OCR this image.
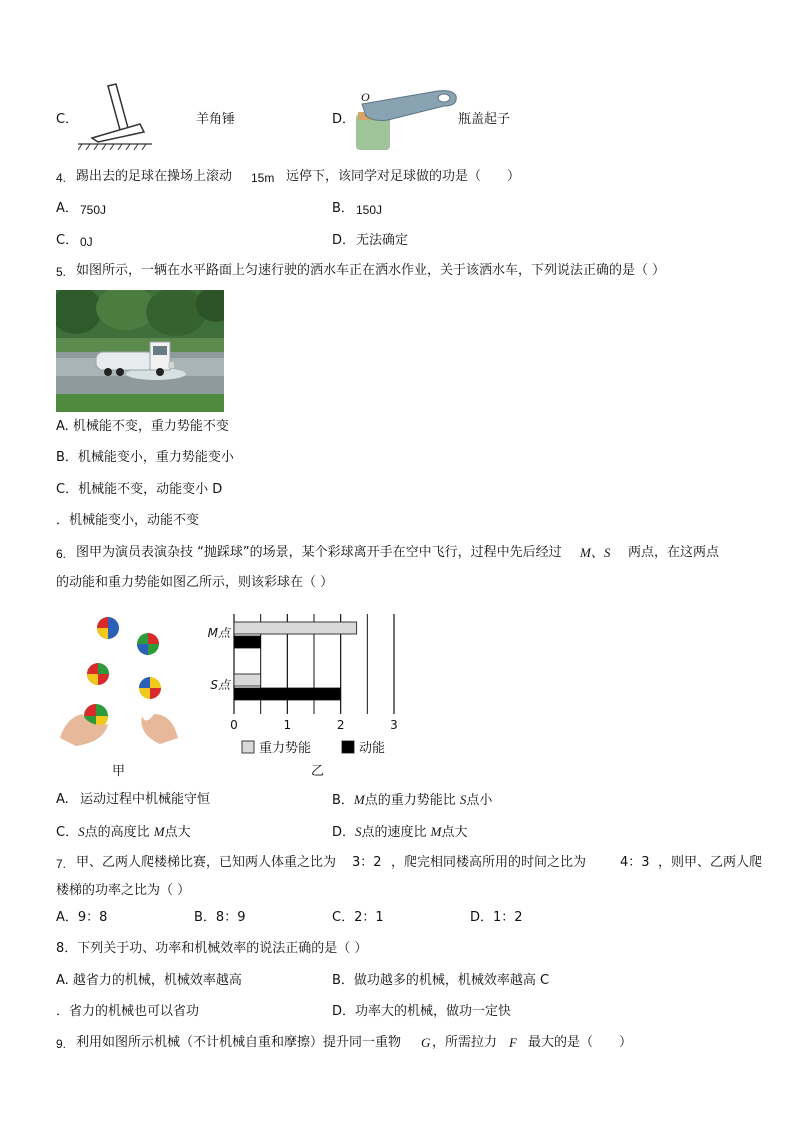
C．	羊角锤	D．
O
瓶盖起子
4. 踢出去的足球在操场上滚动 15m 远停下，该同学对足球做的功是（　　）
A． 750J	B． 150J
C． 0J	D． 无法确定
5. 如图所示，一辆在水平路面上匀速行驶的洒水车正在洒水作业，关于该洒水车，下列说法正确的是（ ）
A. 机械能不变，重力势能不变
B．机械能变小，重力势能变小
C．机械能不变，动能变小 D
．机械能变小，动能不变
6. 图甲为演员表演杂技 “抛踩球”的场景，某个彩球离开手在空中飞行，过程中先后经过 M、S 两点，在这两点
的动能和重力势能如图乙所示，则该彩球在（ ）
甲
0	1	2	3
M点
S点
重力势能	动能
乙
A. 运动过程中机械能守恒	B．M点的重力势能比 S点小
C．S点的高度比 M点大	D．S点的速度比 M点大
7. 甲、乙两人爬楼梯比赛，已知两人体重之比为 3：2 ，爬完相同楼高所用的时间之比为	4：3 ，则甲、乙两人爬
楼梯的功率之比为（ ）
A．9：8	B．8：9	C．2：1	D．1：2
8．下列关于功、功率和机械效率的说法正确的是（ ）
A. 越省力的机械，机械效率越高	B．做功越多的机械，机械效率越高 C
．省力的机械也可以省功	D．功率大的机械，做功一定快
9. 利用如图所示机械（不计机械自重和摩擦）提升同一重物 G ，所需拉力 F 最大的是（　　）
